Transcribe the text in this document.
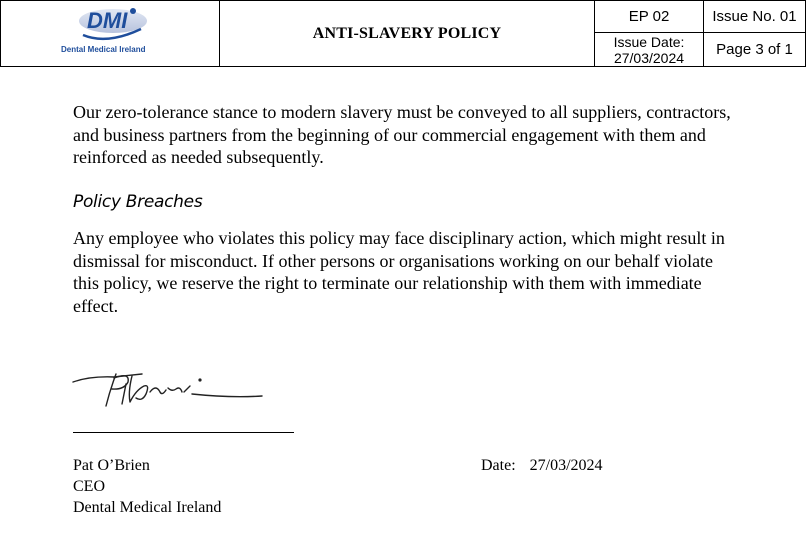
DMI
Dental Medical Ireland
ANTI-SLAVERY POLICY
EP 02	Issue No. 01
Issue Date:
27/03/2024	Page 3 of 1

Our zero-tolerance stance to modern slavery must be conveyed to all suppliers, contractors, and business partners from the beginning of our commercial engagement with them and reinforced as needed subsequently.

Policy Breaches

Any employee who violates this policy may face disciplinary action, which might result in dismissal for misconduct. If other persons or organisations working on our behalf violate this policy, we reserve the right to terminate our relationship with them with immediate effect.

Pat O’Brien
CEO
Dental Medical Ireland
Date: 27/03/2024
